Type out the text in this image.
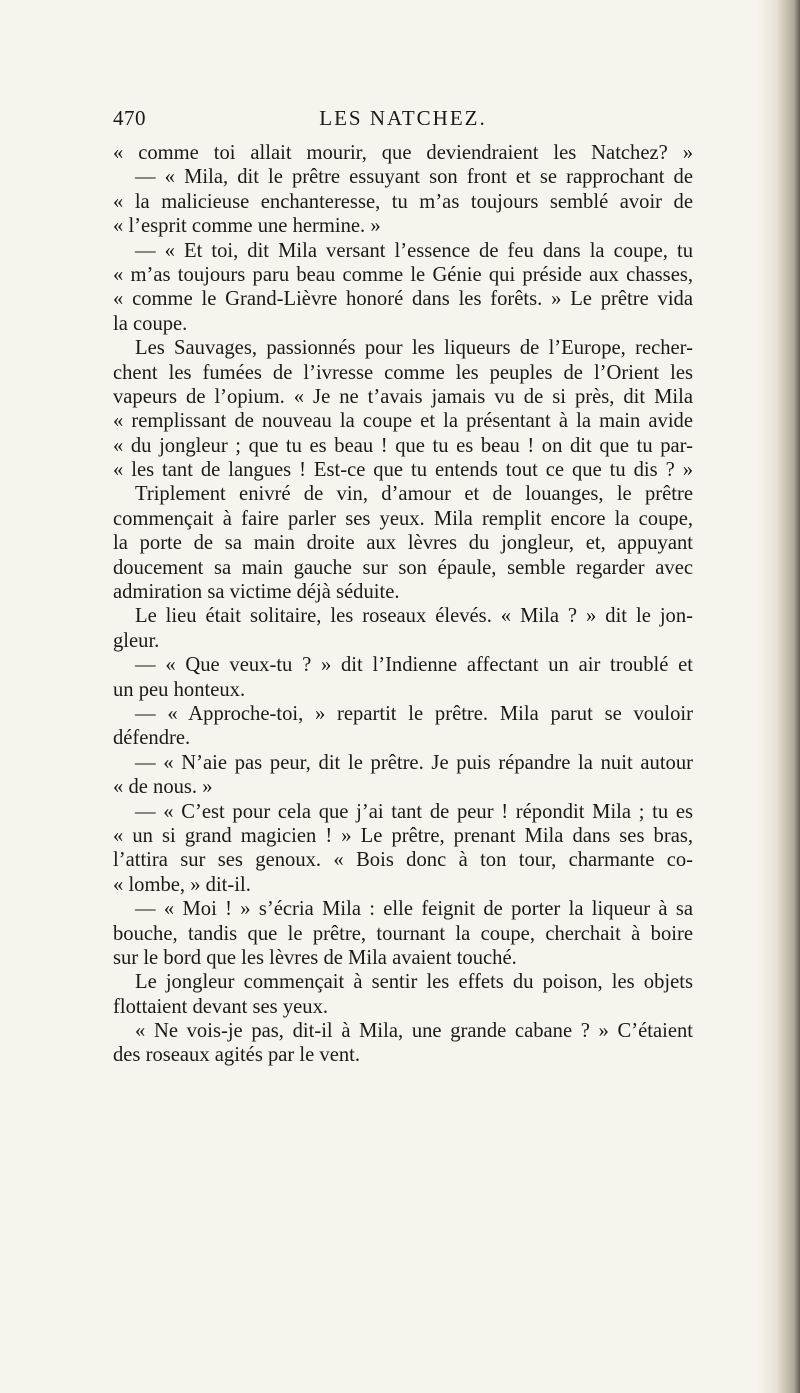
470	LES NATCHEZ.
« comme toi allait mourir, que deviendraient les Natchez? »
— « Mila, dit le prêtre essuyant son front et se rapprochant de
« la malicieuse enchanteresse, tu m’as toujours semblé avoir de
« l’esprit comme une hermine. »
— « Et toi, dit Mila versant l’essence de feu dans la coupe, tu
« m’as toujours paru beau comme le Génie qui préside aux chasses,
« comme le Grand-Lièvre honoré dans les forêts. » Le prêtre vida
la coupe.
Les Sauvages, passionnés pour les liqueurs de l’Europe, recher-
chent les fumées de l’ivresse comme les peuples de l’Orient les
vapeurs de l’opium. « Je ne t’avais jamais vu de si près, dit Mila
« remplissant de nouveau la coupe et la présentant à la main avide
« du jongleur ; que tu es beau ! que tu es beau ! on dit que tu par-
« les tant de langues ! Est-ce que tu entends tout ce que tu dis ? »
Triplement enivré de vin, d’amour et de louanges, le prêtre
commençait à faire parler ses yeux. Mila remplit encore la coupe,
la porte de sa main droite aux lèvres du jongleur, et, appuyant
doucement sa main gauche sur son épaule, semble regarder avec
admiration sa victime déjà séduite.
Le lieu était solitaire, les roseaux élevés. « Mila ? » dit le jon-
gleur.
— « Que veux-tu ? » dit l’Indienne affectant un air troublé et
un peu honteux.
— « Approche-toi, » repartit le prêtre. Mila parut se vouloir
défendre.
— « N’aie pas peur, dit le prêtre. Je puis répandre la nuit autour
« de nous. »
— « C’est pour cela que j’ai tant de peur ! répondit Mila ; tu es
« un si grand magicien ! » Le prêtre, prenant Mila dans ses bras,
l’attira sur ses genoux. « Bois donc à ton tour, charmante co-
« lombe, » dit-il.
— « Moi ! » s’écria Mila : elle feignit de porter la liqueur à sa
bouche, tandis que le prêtre, tournant la coupe, cherchait à boire
sur le bord que les lèvres de Mila avaient touché.
Le jongleur commençait à sentir les effets du poison, les objets
flottaient devant ses yeux.
« Ne vois-je pas, dit-il à Mila, une grande cabane ? » C’étaient
des roseaux agités par le vent.
